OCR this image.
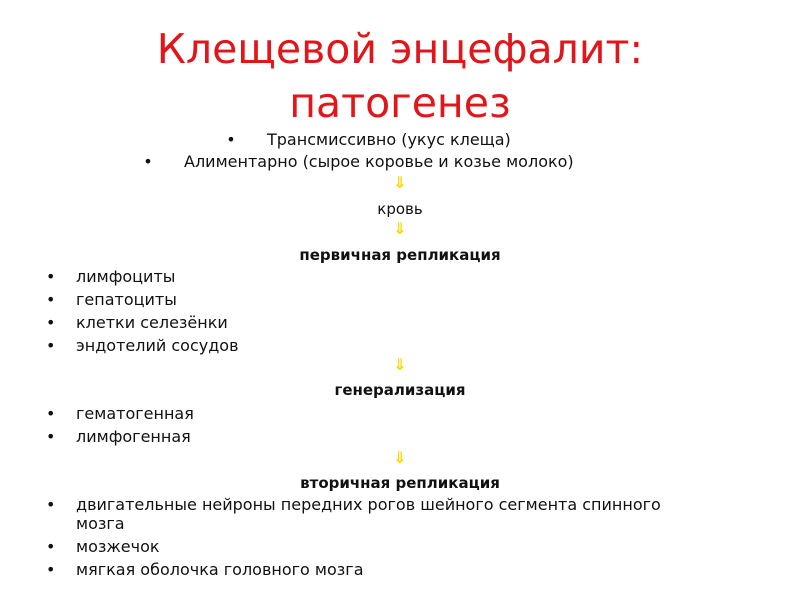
Клещевой энцефалит:
патогенез
• Трансмиссивно (укус клеща)
• Алиментарно (сырое коровье и козье молоко)
⇓
кровь
⇓
первичная репликация
• лимфоциты
• гепатоциты
• клетки селезёнки
• эндотелий сосудов
⇓
генерализация
• гематогенная
• лимфогенная
⇓
вторичная репликация
• двигательные нейроны передних рогов шейного сегмента спинного мозга
• мозжечок
• мягкая оболочка головного мозга
